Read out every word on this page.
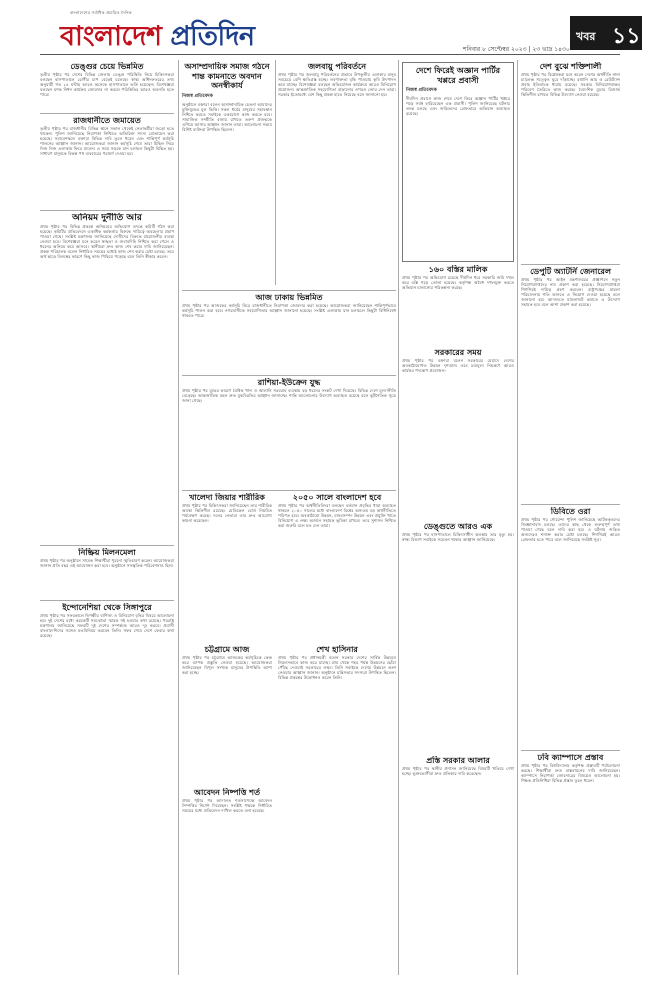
বাংলাদেশের সর্বাধিক প্রচারিত দৈনিক
বাংলাদেশ প্রতিদিন	শনিবার ৮ সেপ্টেম্বর ২০২৩ | ২৩ ভাদ্র ১৪৩০
খবর ১১
ডেঙ্গুর চেয়ে ভিন্নমিত
তৃতীয় পৃষ্ঠার পর দেশের বিভিন্ন জেলায় ডেঙ্গু পরিস্থিতি নিয়ে চিকিৎসকরা বলছেন হাসপাতালে রোগীর চাপ বেড়েই চলেছে। স্বাস্থ্য অধিদফতরের তথ্য অনুযায়ী গত ২৪ ঘণ্টায় আরও অনেকে হাসপাতালে ভর্তি হয়েছেন। বিশেষজ্ঞরা বলছেন মশক নিধন কার্যক্রম জোরদার না করলে পরিস্থিতির আরও অবনতি হতে পারে।
রাজধানীতে জমায়েত
তৃতীয় পৃষ্ঠার পর রাজধানীর বিভিন্ন স্থানে সকাল থেকেই নেতাকর্মীরা জড়ো হতে থাকেন। পুলিশ জানিয়েছে নিরাপত্তা নিশ্চিতে অতিরিক্ত সদস্য মোতায়েন করা হয়েছে। সমাবেশস্থলে বক্তারা বিভিন্ন দাবি তুলে ধরেন এবং শান্তিপূর্ণ কর্মসূচি পালনের আহ্বান জানান। আয়োজকরা জানান কর্মসূচি শেষে তারা মিছিল নিয়ে নিজ নিজ এলাকায় ফিরে যাবেন। এ সময় সড়কে যান চলাচল কিছুটা বিঘ্নিত হয়। সাধারণ মানুষকে বিকল্প পথ ব্যবহারের পরামর্শ দেওয়া হয়।
অনিয়ম দুর্নীতি আর
প্রথম পৃষ্ঠার পর বিভিন্ন প্রকল্পে অনিয়মের অভিযোগ তদন্তে কমিটি গঠন করা হয়েছে। কমিটির প্রতিবেদনে একাধিক কর্মকর্তার বিরুদ্ধে দায়িত্বে অবহেলার প্রমাণ পাওয়া গেছে। সংশ্লিষ্ট মন্ত্রণালয় জানিয়েছে দোষীদের বিরুদ্ধে প্রয়োজনীয় ব্যবস্থা নেওয়া হবে। বিশেষজ্ঞরা মনে করেন স্বচ্ছতা ও জবাবদিহি নিশ্চিত করা গেলে এ ধরনের অনিয়ম কমে আসবে। স্থানীয়রা দ্রুত কাজ শেষ করার দাবি জানিয়েছেন। প্রকল্প পরিচালক বলেন নির্ধারিত সময়ের মধ্যেই কাজ শেষ করার চেষ্টা চলছে। তবে অর্থ ছাড়ে বিলম্বের কারণে কিছু কাজ পিছিয়ে পড়েছে বলে তিনি স্বীকার করেন।
নিষ্ক্রিয় মিলনমেলা
প্রথম পৃষ্ঠার পর অনুষ্ঠানে সাবেক শিক্ষার্থীরা পুরনো স্মৃতিচারণ করেন। আয়োজকরা জানান প্রতি বছর এই আয়োজন করা হবে। অনুষ্ঠানে সাংস্কৃতিক পরিবেশনাও ছিল।
ইন্দোনেশিয়া থেকে সিঙ্গাপুরে
প্রথম পৃষ্ঠার পর সফরকালে দ্বিপক্ষীয় বাণিজ্য ও বিনিয়োগ বৃদ্ধির বিষয়ে আলোচনা হয়। দুই দেশের মধ্যে কয়েকটি সমঝোতা স্মারক সই হওয়ার কথা রয়েছে। পররাষ্ট্র মন্ত্রণালয় জানিয়েছে সফরটি দুই দেশের সম্পর্ককে আরও দৃঢ় করবে। প্রবাসী বাংলাদেশিদের সঙ্গেও মতবিনিময় করবেন তিনি। সফর শেষে দেশে ফেরার কথা রয়েছে।
অসাম্প্রদায়িক সমাজ গঠনে শান্ত কামনাতে অবদান অনস্বীকার্য
নিজস্ব প্রতিবেদক
অনুষ্ঠানে বক্তারা বলেন অসাম্প্রদায়িক চেতনা আমাদের মুক্তিযুদ্ধের মূল ভিত্তি। সকল ধর্মের মানুষের সহাবস্থান নিশ্চিত করতে সবাইকে একযোগে কাজ করতে হবে। সামাজিক সম্প্রীতি বজায় রাখতে তরুণ প্রজন্মকে এগিয়ে আসার আহ্বান জানান তারা। আলোচনা সভায় বিশিষ্ট ব্যক্তিরা উপস্থিত ছিলেন।
জলবায়ু পরিবর্তনে
প্রথম পৃষ্ঠার পর জলবায়ু পরিবর্তনের প্রভাবে উপকূলীয় এলাকার মানুষ সবচেয়ে বেশি ক্ষতিগ্রস্ত হচ্ছে। লবণাক্ততা বৃদ্ধি পাওয়ায় কৃষি উৎপাদন কমে যাচ্ছে। বিশেষজ্ঞরা বলছেন অভিযোজন কার্যক্রমে আরও বিনিয়োগ প্রয়োজন। আন্তর্জাতিক সহযোগিতা বাড়ানোর ওপরও জোর দেন তারা। সরকার ইতোমধ্যে বেশ কিছু প্রকল্প হাতে নিয়েছে বলে জানানো হয়।
আজ ঢাকায় ভিন্নমিত
প্রথম পৃষ্ঠার পর আজকের কর্মসূচি ঘিরে রাজধানীতে নিরাপত্তা জোরদার করা হয়েছে। আয়োজকরা জানিয়েছেন শান্তিপূর্ণভাবে কর্মসূচি পালন করা হবে। নগরবাসীকে সহযোগিতার আহ্বান জানানো হয়েছে। সংশ্লিষ্ট এলাকায় যান চলাচলে কিছুটা বিধিনিষেধ থাকতে পারে।
রাশিয়া-ইউক্রেন যুদ্ধ
প্রথম পৃষ্ঠার পর যুদ্ধের কারণে বৈশ্বিক খাদ্য ও জ্বালানি সরবরাহ ব্যবস্থায় বড় ধরনের সংকট দেখা দিয়েছে। বিভিন্ন দেশে মূল্যস্ফীতি বেড়েছে। আন্তর্জাতিক মহল দ্রুত যুদ্ধবিরতির আহ্বান জানাচ্ছে। শান্তি আলোচনার উদ্যোগ অব্যাহত রয়েছে বলে কূটনৈতিক সূত্রে জানা গেছে।
খালেদা জিয়ার শারীরিক
প্রথম পৃষ্ঠার পর চিকিৎসকরা জানিয়েছেন তার শারীরিক অবস্থা স্থিতিশীল রয়েছে। মেডিকেল বোর্ড নিয়মিত পর্যবেক্ষণ করছে। দলের নেতারা তার দ্রুত আরোগ্য কামনা করেছেন।
২০৫০ সালে বাংলাদেশ হবে
প্রথম পৃষ্ঠার পর অর্থনীতিবিদরা বলছেন বর্তমান প্রবৃদ্ধির ধারা অব্যাহত থাকলে ২০৫০ সালের মধ্যে বাংলাদেশ বিশ্বের অন্যতম বড় অর্থনীতিতে পরিণত হবে। অবকাঠামো উন্নয়ন, মানবসম্পদ উন্নয়ন এবং প্রযুক্তি খাতে বিনিয়োগ এ লক্ষ্য অর্জনে সহায়ক ভূমিকা রাখবে। তবে সুশাসন নিশ্চিত করা জরুরি বলে মত দেন তারা।
চট্টগ্রামে আজ
প্রথম পৃষ্ঠার পর চট্টগ্রামে আজকের কর্মসূচিকে কেন্দ্র করে ব্যাপক প্রস্তুতি নেওয়া হয়েছে। আয়োজকরা জানিয়েছেন বিপুল সংখ্যক মানুষের উপস্থিতি আশা করা হচ্ছে।
শেখ হাসিনার
প্রথম পৃষ্ঠার পর প্রধানমন্ত্রী বলেন সরকার দেশের সার্বিক উন্নয়নে নিরলসভাবে কাজ করে যাচ্ছে। গ্রাম থেকে শহর পর্যন্ত উন্নয়নের ছোঁয়া পৌঁছে দেওয়াই সরকারের লক্ষ্য। তিনি সবাইকে দেশের উন্নয়নে অংশ নেওয়ার আহ্বান জানান। অনুষ্ঠানে মন্ত্রিসভার সদস্যরা উপস্থিত ছিলেন। বিভিন্ন প্রকল্পের উদ্বোধনও করেন তিনি।
আবেদন নিষ্পত্তি শর্ত
প্রথম পৃষ্ঠার পর আদালত শর্তসাপেক্ষে আবেদন নিষ্পত্তির নির্দেশ দিয়েছেন। সংশ্লিষ্ট পক্ষকে নির্ধারিত সময়ের মধ্যে প্রতিবেদন দাখিল করতে বলা হয়েছে।
দেশে ফিরেই অজ্ঞান পার্টির খপ্পরে প্রবাসী
নিজস্ব প্রতিবেদক
দীর্ঘদিন প্রবাসে কাজ শেষে দেশে ফিরে অজ্ঞান পার্টির খপ্পরে পড়ে সর্বস্ব হারিয়েছেন এক প্রবাসী। পুলিশ জানিয়েছে ঘটনার তদন্ত চলছে এবং জড়িতদের গ্রেফতারে অভিযান অব্যাহত রয়েছে।
১৬০ বস্তির মালিক
প্রথম পৃষ্ঠার পর অভিযোগ রয়েছে দীর্ঘদিন ধরে সরকারি জমি দখল করে বস্তি গড়ে তোলা হয়েছে। কর্তৃপক্ষ অবৈধ দখলমুক্ত করতে অভিযান চালানোর পরিকল্পনা করছে।
সরকারের সময়
প্রথম পৃষ্ঠার পর বক্তারা বলেন সরকারের মেয়াদে দেশের অবকাঠামোগত উন্নয়ন দৃশ্যমান। তবে দ্রব্যমূল্য নিয়ন্ত্রণে আরও কার্যকর পদক্ষেপ প্রয়োজন।
ডেঙ্গুতে আরও এক
প্রথম পৃষ্ঠার পর হাসপাতালে চিকিৎসাধীন অবস্থায় তার মৃত্যু হয়। স্বাস্থ্য বিভাগ সবাইকে সচেতন থাকার আহ্বান জানিয়েছে।
প্রস্তি সরকার আলার
প্রথম পৃষ্ঠার পর স্থানীয় প্রশাসন জানিয়েছে বিষয়টি খতিয়ে দেখা হচ্ছে। ভুক্তভোগীরা দ্রুত প্রতিকার দাবি করেছেন।
দেশ বুঝে শক্তিশালী
প্রথম পৃষ্ঠার পর বিশ্লেষকরা মনে করেন দেশের অর্থনীতি নানা চ্যালেঞ্জ সত্ত্বেও ঘুরে দাঁড়াচ্ছে। রপ্তানি আয় ও রেমিট্যান্স প্রবাহ ইতিবাচক ধারায় রয়েছে। সরকার বিনিয়োগবান্ধব পরিবেশ তৈরিতে কাজ করছে। বৈদেশিক মুদ্রার রিজার্ভ স্থিতিশীল রাখতে বিভিন্ন উদ্যোগ নেওয়া হয়েছে।
ডেপুটি অ্যাটর্নি জেনারেল
প্রথম পৃষ্ঠার পর আইন মন্ত্রণালয়ের প্রজ্ঞাপনে নতুন নিয়োগপ্রাপ্তদের নাম প্রকাশ করা হয়েছে। নিয়োগপ্রাপ্তরা শিগগিরই দায়িত্ব গ্রহণ করবেন। রাষ্ট্রপক্ষের মামলা পরিচালনায় গতি আনতে এ নিয়োগ দেওয়া হয়েছে বলে জানানো হয়। আদালতে মামলাজট কমাতে এ উদ্যোগ সহায়ক হবে বলে আশা প্রকাশ করা হয়েছে।
ডিবিতে ওরা
প্রথম পৃষ্ঠার পর গোয়েন্দা পুলিশ জানিয়েছে আটককৃতদের জিজ্ঞাসাবাদ চলছে। তাদের কাছ থেকে গুরুত্বপূর্ণ তথ্য পাওয়া গেছে বলে দাবি করা হয়। এ ঘটনায় জড়িত অন্যদেরও শনাক্ত করার চেষ্টা চলছে। শিগগিরই আরও গ্রেফতার হতে পারে বলে জানিয়েছে সংশ্লিষ্ট সূত্র।
ঢবি ক্যাম্পাসে প্রস্তাব
প্রথম পৃষ্ঠার পর বিশ্ববিদ্যালয় কর্তৃপক্ষ প্রস্তাবটি পর্যালোচনা করছে। শিক্ষার্থীরা দ্রুত বাস্তবায়নের দাবি জানিয়েছেন। ক্যাম্পাসে নিরাপত্তা জোরদারের বিষয়েও আলোচনা হয়। শিক্ষক প্রতিনিধিরা বিভিন্ন প্রস্তাব তুলে ধরেন।
